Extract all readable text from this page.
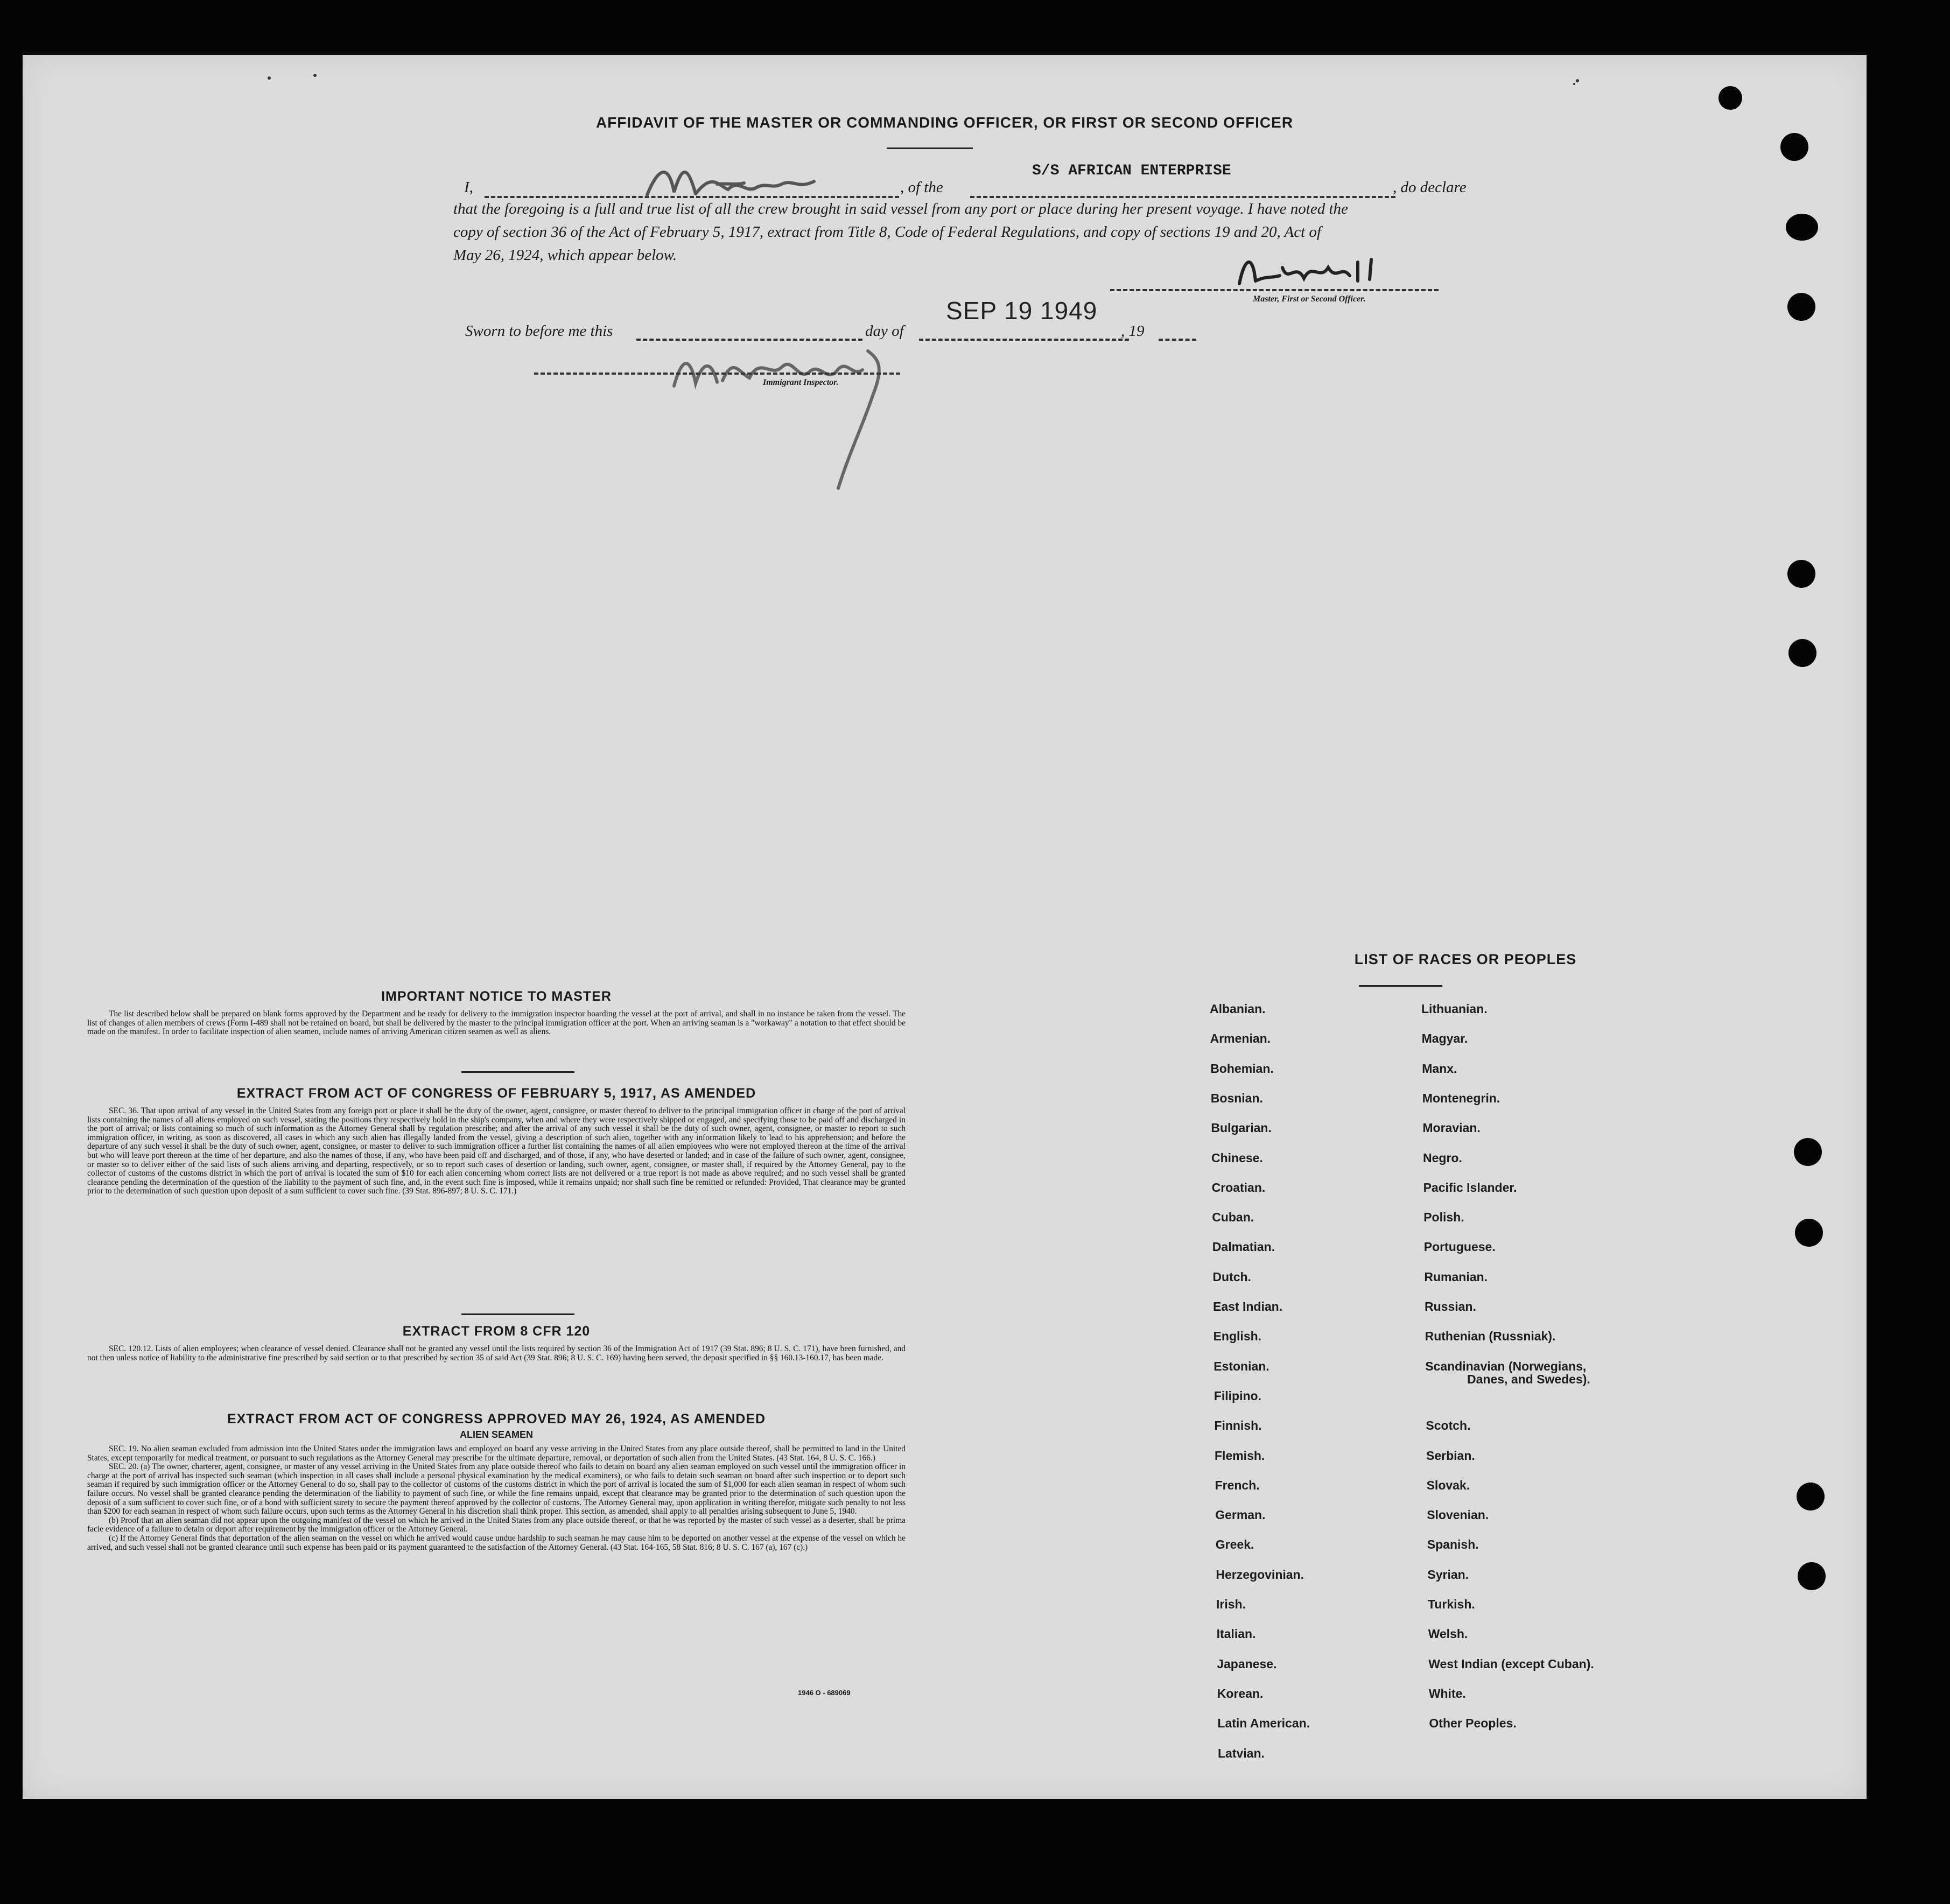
AFFIDAVIT OF THE MASTER OR COMMANDING OFFICER, OR FIRST OR SECOND OFFICER
I,	, of the
S/S AFRICAN ENTERPRISE
, do declare
that the foregoing is a full and true list of all the crew brought in said vessel from any port or place during her present voyage. I have noted the
copy of section 36 of the Act of February 5, 1917, extract from Title 8, Code of Federal Regulations, and copy of sections 19 and 20, Act of
May 26, 1924, which appear below.
Master, First or Second Officer.
Sworn to before me this	day of
SEP 19 1949
, 19
Immigrant Inspector.
IMPORTANT NOTICE TO MASTER

The list described below shall be prepared on blank forms approved by the Department and be ready for delivery to the immigration inspector boarding the vessel at the port of arrival, and shall in no instance be taken from the vessel. The list of changes of alien members of crews (Form I-489 shall not be retained on board, but shall be delivered by the master to the principal immigration officer at the port. When an arriving seaman is a "workaway" a notation to that effect should be made on the manifest. In order to facilitate inspection of alien seamen, include names of arriving American citizen seamen as well as aliens.

EXTRACT FROM ACT OF CONGRESS OF FEBRUARY 5, 1917, AS AMENDED

SEC. 36. That upon arrival of any vessel in the United States from any foreign port or place it shall be the duty of the owner, agent, consignee, or master thereof to deliver to the principal immigration officer in charge of the port of arrival lists containing the names of all aliens employed on such vessel, stating the positions they respectively hold in the ship's company, when and where they were respectively shipped or engaged, and specifying those to be paid off and discharged in the port of arrival; or lists containing so much of such information as the Attorney General shall by regulation prescribe; and after the arrival of any such vessel it shall be the duty of such owner, agent, consignee, or master to report to such immigration officer, in writing, as soon as discovered, all cases in which any such alien has illegally landed from the vessel, giving a description of such alien, together with any information likely to lead to his apprehension; and before the departure of any such vessel it shall be the duty of such owner, agent, consignee, or master to deliver to such immigration officer a further list containing the names of all alien employees who were not employed thereon at the time of the arrival but who will leave port thereon at the time of her departure, and also the names of those, if any, who have been paid off and discharged, and of those, if any, who have deserted or landed; and in case of the failure of such owner, agent, consignee, or master so to deliver either of the said lists of such aliens arriving and departing, respectively, or so to report such cases of desertion or landing, such owner, agent, consignee, or master shall, if required by the Attorney General, pay to the collector of customs of the customs district in which the port of arrival is located the sum of $10 for each alien concerning whom correct lists are not delivered or a true report is not made as above required; and no such vessel shall be granted clearance pending the determination of the question of the liability to the payment of such fine, and, in the event such fine is imposed, while it remains unpaid; nor shall such fine be remitted or refunded: Provided, That clearance may be granted prior to the determination of such question upon deposit of a sum sufficient to cover such fine. (39 Stat. 896-897; 8 U. S. C. 171.)

EXTRACT FROM 8 CFR 120

SEC. 120.12. Lists of alien employees; when clearance of vessel denied. Clearance shall not be granted any vessel until the lists required by section 36 of the Immigration Act of 1917 (39 Stat. 896; 8 U. S. C. 171), have been furnished, and not then unless notice of liability to the administrative fine prescribed by said section or to that prescribed by section 35 of said Act (39 Stat. 896; 8 U. S. C. 169) having been served, the deposit specified in §§ 160.13-160.17, has been made.

EXTRACT FROM ACT OF CONGRESS APPROVED MAY 26, 1924, AS AMENDED
ALIEN SEAMEN

SEC. 19. No alien seaman excluded from admission into the United States under the immigration laws and employed on board any vesse arriving in the United States from any place outside thereof, shall be permitted to land in the United States, except temporarily for medical treatment, or pursuant to such regulations as the Attorney General may prescribe for the ultimate departure, removal, or deportation of such alien from the United States. (43 Stat. 164, 8 U. S. C. 166.)

SEC. 20. (a) The owner, charterer, agent, consignee, or master of any vessel arriving in the United States from any place outside thereof who fails to detain on board any alien seaman employed on such vessel until the immigration officer in charge at the port of arrival has inspected such seaman (which inspection in all cases shall include a personal physical examination by the medical examiners), or who fails to detain such seaman on board after such inspection or to deport such seaman if required by such immigration officer or the Attorney General to do so, shall pay to the collector of customs of the customs district in which the port of arrival is located the sum of $1,000 for each alien seaman in respect of whom such failure occurs. No vessel shall be granted clearance pending the determination of the liability to payment of such fine, or while the fine remains unpaid, except that clearance may be granted prior to the determination of such question upon the deposit of a sum sufficient to cover such fine, or of a bond with sufficient surety to secure the payment thereof approved by the collector of customs. The Attorney General may, upon application in writing therefor, mitigate such penalty to not less than $200 for each seaman in respect of whom such failure occurs, upon such terms as the Attorney General in his discretion shall think proper. This section, as amended, shall apply to all penalties arising subsequent to June 5, 1940.

(b) Proof that an alien seaman did not appear upon the outgoing manifest of the vessel on which he arrived in the United States from any place outside thereof, or that he was reported by the master of such vessel as a deserter, shall be prima facie evidence of a failure to detain or deport after requirement by the immigration officer or the Attorney General.

(c) If the Attorney General finds that deportation of the alien seaman on the vessel on which he arrived would cause undue hardship to such seaman he may cause him to be deported on another vessel at the expense of the vessel on which he arrived, and such vessel shall not be granted clearance until such expense has been paid or its payment guaranteed to the satisfaction of the Attorney General. (43 Stat. 164-165, 58 Stat. 816; 8 U. S. C. 167 (a), 167 (c).)

1946 O - 689069
LIST OF RACES OR PEOPLES
Albanian.
Armenian.
Bohemian.
Bosnian.
Bulgarian.
Chinese.
Croatian.
Cuban.
Dalmatian.
Dutch.
East Indian.
English.
Estonian.
Filipino.
Finnish.
Flemish.
French.
German.
Greek.
Herzegovinian.
Irish.
Italian.
Japanese.
Korean.
Latin American.
Latvian.
Lithuanian.
Magyar.
Manx.
Montenegrin.
Moravian.
Negro.
Pacific Islander.
Polish.
Portuguese.
Rumanian.
Russian.
Ruthenian (Russniak).
Scandinavian (Norwegians,
Danes, and Swedes).
Scotch.
Serbian.
Slovak.
Slovenian.
Spanish.
Syrian.
Turkish.
Welsh.
West Indian (except Cuban).
White.
Other Peoples.
